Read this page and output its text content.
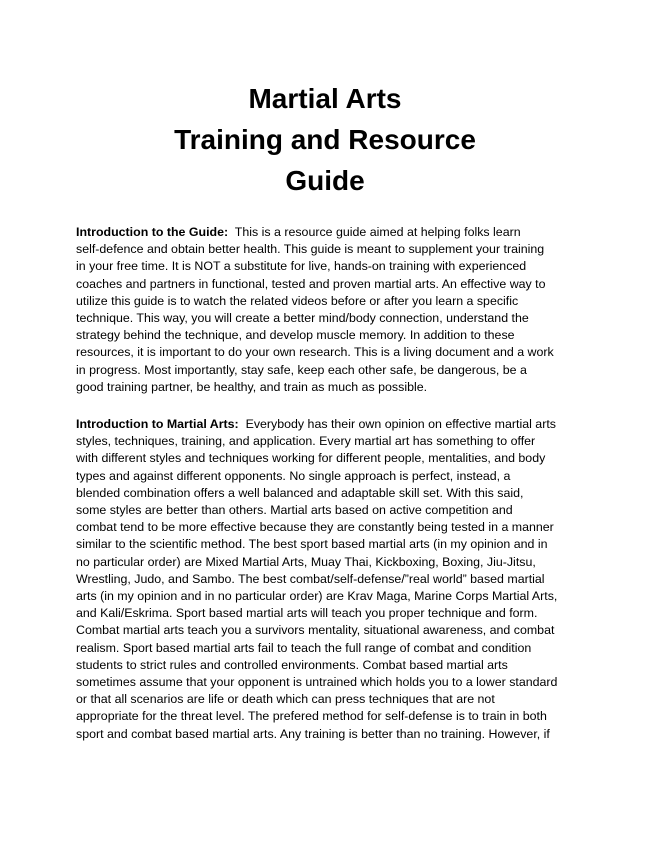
Martial Arts
Training and Resource
Guide
Introduction to the Guide:  This is a resource guide aimed at helping folks learn
self-defence and obtain better health. This guide is meant to supplement your training
in your free time. It is NOT a substitute for live, hands-on training with experienced
coaches and partners in functional, tested and proven martial arts. An effective way to
utilize this guide is to watch the related videos before or after you learn a specific
technique. This way, you will create a better mind/body connection, understand the
strategy behind the technique, and develop muscle memory. In addition to these
resources, it is important to do your own research. This is a living document and a work
in progress. Most importantly, stay safe, keep each other safe, be dangerous, be a
good training partner, be healthy, and train as much as possible.
Introduction to Martial Arts:  Everybody has their own opinion on effective martial arts
styles, techniques, training, and application. Every martial art has something to offer
with different styles and techniques working for different people, mentalities, and body
types and against different opponents. No single approach is perfect, instead, a
blended combination offers a well balanced and adaptable skill set. With this said,
some styles are better than others. Martial arts based on active competition and
combat tend to be more effective because they are constantly being tested in a manner
similar to the scientific method. The best sport based martial arts (in my opinion and in
no particular order) are Mixed Martial Arts, Muay Thai, Kickboxing, Boxing, Jiu-Jitsu,
Wrestling, Judo, and Sambo. The best combat/self-defense/”real world” based martial
arts (in my opinion and in no particular order) are Krav Maga, Marine Corps Martial Arts,
and Kali/Eskrima. Sport based martial arts will teach you proper technique and form.
Combat martial arts teach you a survivors mentality, situational awareness, and combat
realism. Sport based martial arts fail to teach the full range of combat and condition
students to strict rules and controlled environments. Combat based martial arts
sometimes assume that your opponent is untrained which holds you to a lower standard
or that all scenarios are life or death which can press techniques that are not
appropriate for the threat level. The prefered method for self-defense is to train in both
sport and combat based martial arts. Any training is better than no training. However, if
